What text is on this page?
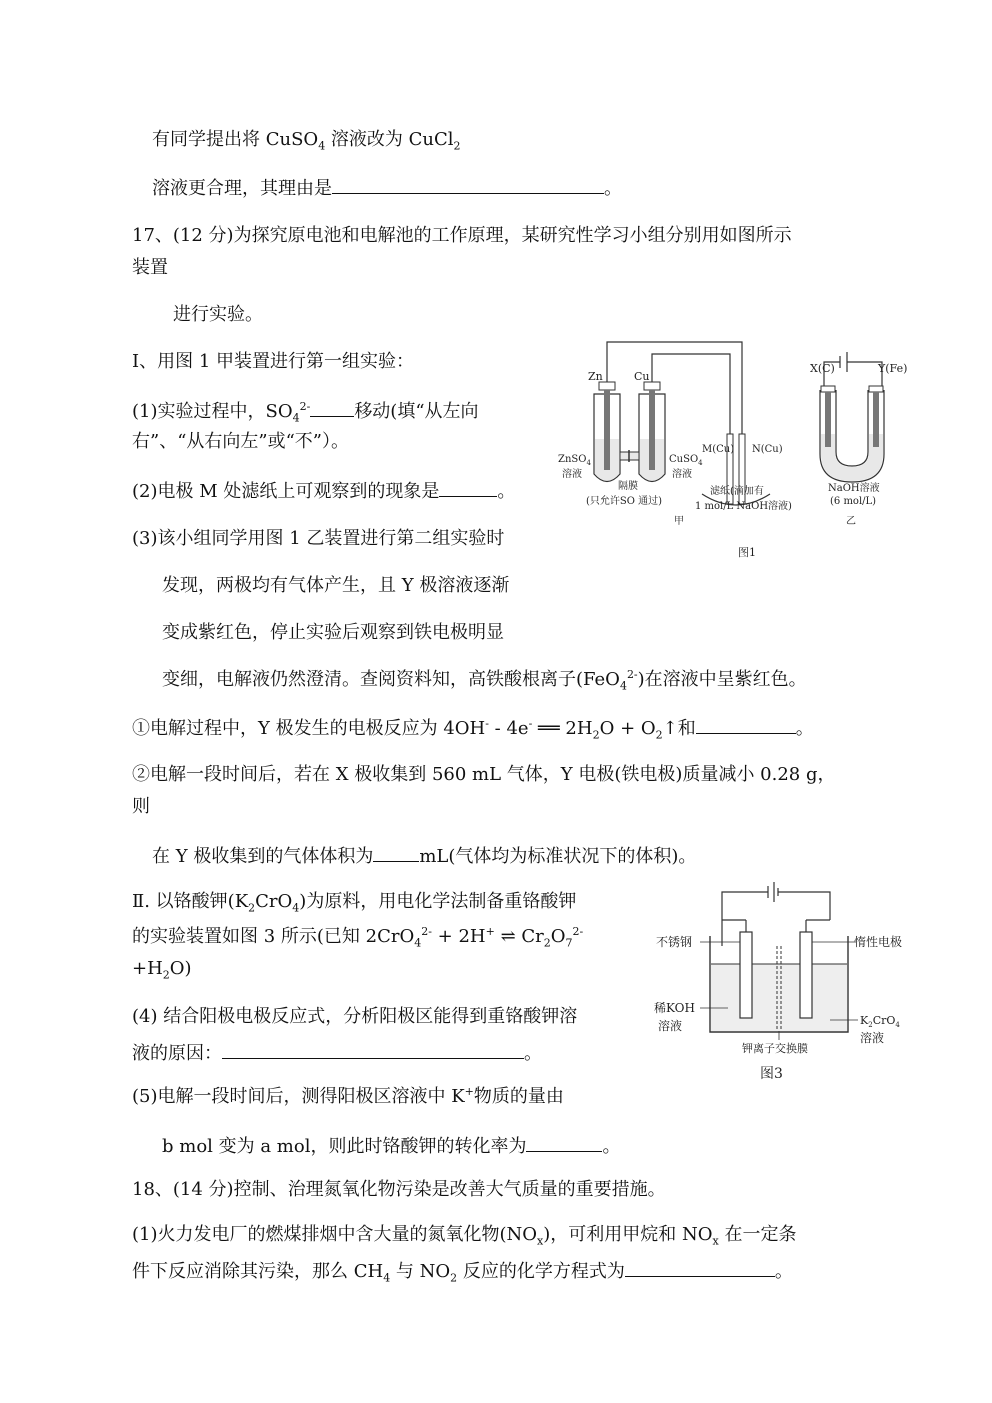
有同学提出将 CuSO$_4$ 溶液改为 CuCl$_2$
溶液更合理，其理由是	。
17、(12 分)为探究原电池和电解池的工作原理，某研究性学习小组分别用如图所示
装置
进行实验。
I、用图 1 甲装置进行第一组实验：
(1)实验过程中，$SO_4^{2-}$ 移动(填“从左向
右”、“从右向左”或“不”）。
(2)电极 M 处滤纸上可观察到的现象是	。
(3)该小组同学用图 1 乙装置进行第二组实验时
发现，两极均有气体产生，且 Y 极溶液逐渐
变成紫红色，停止实验后观察到铁电极明显
变细，电解液仍然澄清。查阅资料知，高铁酸根离子(FeO$_4^{2-}$)在溶液中呈紫红色。
①电解过程中，Y 极发生的电极反应为 4OH- - 4e- ══ $2H_2O$ + $O_2↑$和	。
②电解一段时间后，若在 X 极收集到 560 mL 气体，Y 电极(铁电极)质量减小 0.28 g，
则
在 Y 极收集到的气体体积为	mL(气体均为标准状况下的体积)。
Ⅱ. 以铬酸钾$(K_2CrO_4)$为原料，用电化学法制备重铬酸钾
的实验装置如图 3 所示(已知 2CrO$_4^{2-}$ + 2H+ ⇌ $Cr_2O_7^{2-}$
$+H_2O$)
(4) 结合阳极电极反应式，分析阳极区能得到重铬酸钾溶
液的原因：	。
(5)电解一段时间后，测得阳极区溶液中 K+物质的量由
b mol 变为 a mol，则此时铬酸钾的转化率为	。
18、(14 分)控制、治理氮氧化物污染是改善大气质量的重要措施。
(1)火力发电厂的燃煤排烟中含大量的氮氧化物$(NO_x)$，可利用甲烷和 $NO_x$ 在一定条
件下反应消除其污染，那么 $CH_4$ 与 $NO_2$ 反应的化学方程式为	。
Zn	Cu
ZnSO$_4$
溶液
CuSO$_4$
溶液
隔膜
(只允许SO 通过)
M(Cu) N(Cu)
滤纸(滴加有
1 mol/L NaOH溶液)
甲
X(C)	Y(Fe)
NaOH溶液
(6 mol/L)
乙
图1
不锈钢	惰性电极
稀KOH
溶液	$K_2CrO_4$
溶液
钾离子交换膜
图3
